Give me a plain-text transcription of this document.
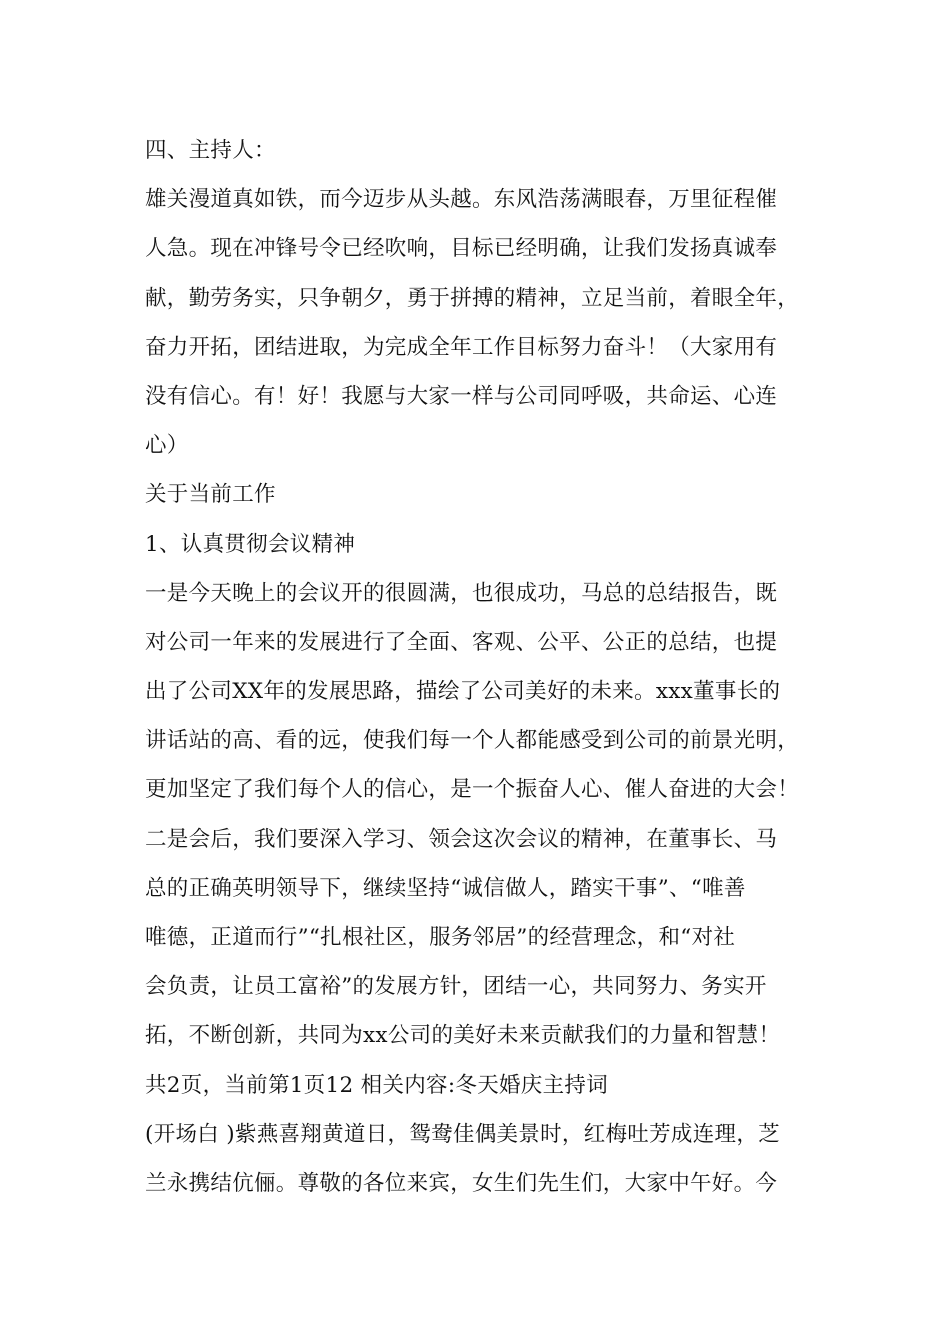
四、主持人：
雄关漫道真如铁，而今迈步从头越。东风浩荡满眼春，万里征程催
人急。现在冲锋号令已经吹响，目标已经明确，让我们发扬真诚奉
献，勤劳务实，只争朝夕，勇于拼搏的精神，立足当前，着眼全年，
奋力开拓，团结进取，为完成全年工作目标努力奋斗！（大家用有
没有信心。有！好！我愿与大家一样与公司同呼吸，共命运、心连
心）
关于当前工作
1、认真贯彻会议精神
一是今天晚上的会议开的很圆满，也很成功，马总的总结报告，既
对公司一年来的发展进行了全面、客观、公平、公正的总结，也提
出了公司XX年的发展思路，描绘了公司美好的未来。xxx董事长的
讲话站的高、看的远，使我们每一个人都能感受到公司的前景光明，
更加坚定了我们每个人的信心，是一个振奋人心、催人奋进的大会！
二是会后，我们要深入学习、领会这次会议的精神，在董事长、马
总的正确英明领导下，继续坚持“诚信做人，踏实干事”、“唯善
唯德，正道而行”“扎根社区，服务邻居”的经营理念，和“对社
会负责，让员工富裕”的发展方针，团结一心，共同努力、务实开
拓，不断创新，共同为xx公司的美好未来贡献我们的力量和智慧！
共2页，当前第1页12 相关内容:冬天婚庆主持词
(开场白 )紫燕喜翔黄道日，鸳鸯佳偶美景时，红梅吐芳成连理，芝
兰永携结伉俪。尊敬的各位来宾，女生们先生们，大家中午好。今
